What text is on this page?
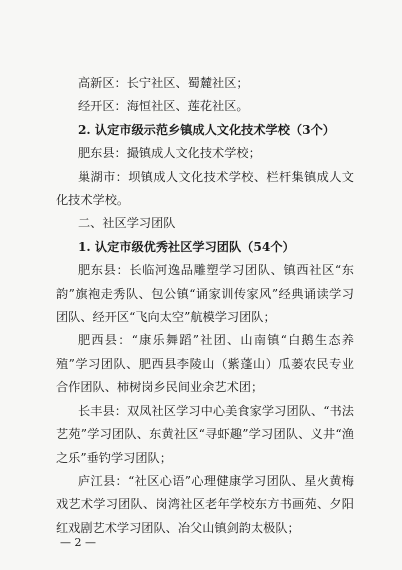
高新区：长宁社区、蜀麓社区；

经开区：海恒社区、莲花社区。

2. 认定市级示范乡镇成人文化技术学校（3个）

肥东县：撮镇成人文化技术学校；

巢湖市：坝镇成人文化技术学校、栏杆集镇成人文化技术学校。

二、社区学习团队

1. 认定市级优秀社区学习团队（54个）

肥东县：长临河逸品雕塑学习团队、镇西社区“东韵”旗袍走秀队、包公镇“诵家训传家风”经典诵读学习团队、经开区“飞向太空”航模学习团队；

肥西县：“康乐舞蹈”社团、山南镇“白鹅生态养殖”学习团队、肥西县李陵山（紫蓬山）瓜蒌农民专业合作团队、柿树岗乡民间业余艺术团；

长丰县：双凤社区学习中心美食家学习团队、“书法艺苑”学习团队、东黄社区“寻虾趣”学习团队、义井“渔之乐”垂钓学习团队；

庐江县：“社区心语”心理健康学习团队、星火黄梅戏艺术学习团队、岗湾社区老年学校东方书画苑、夕阳红戏剧艺术学习团队、冶父山镇剑韵太极队；

— 2 —
